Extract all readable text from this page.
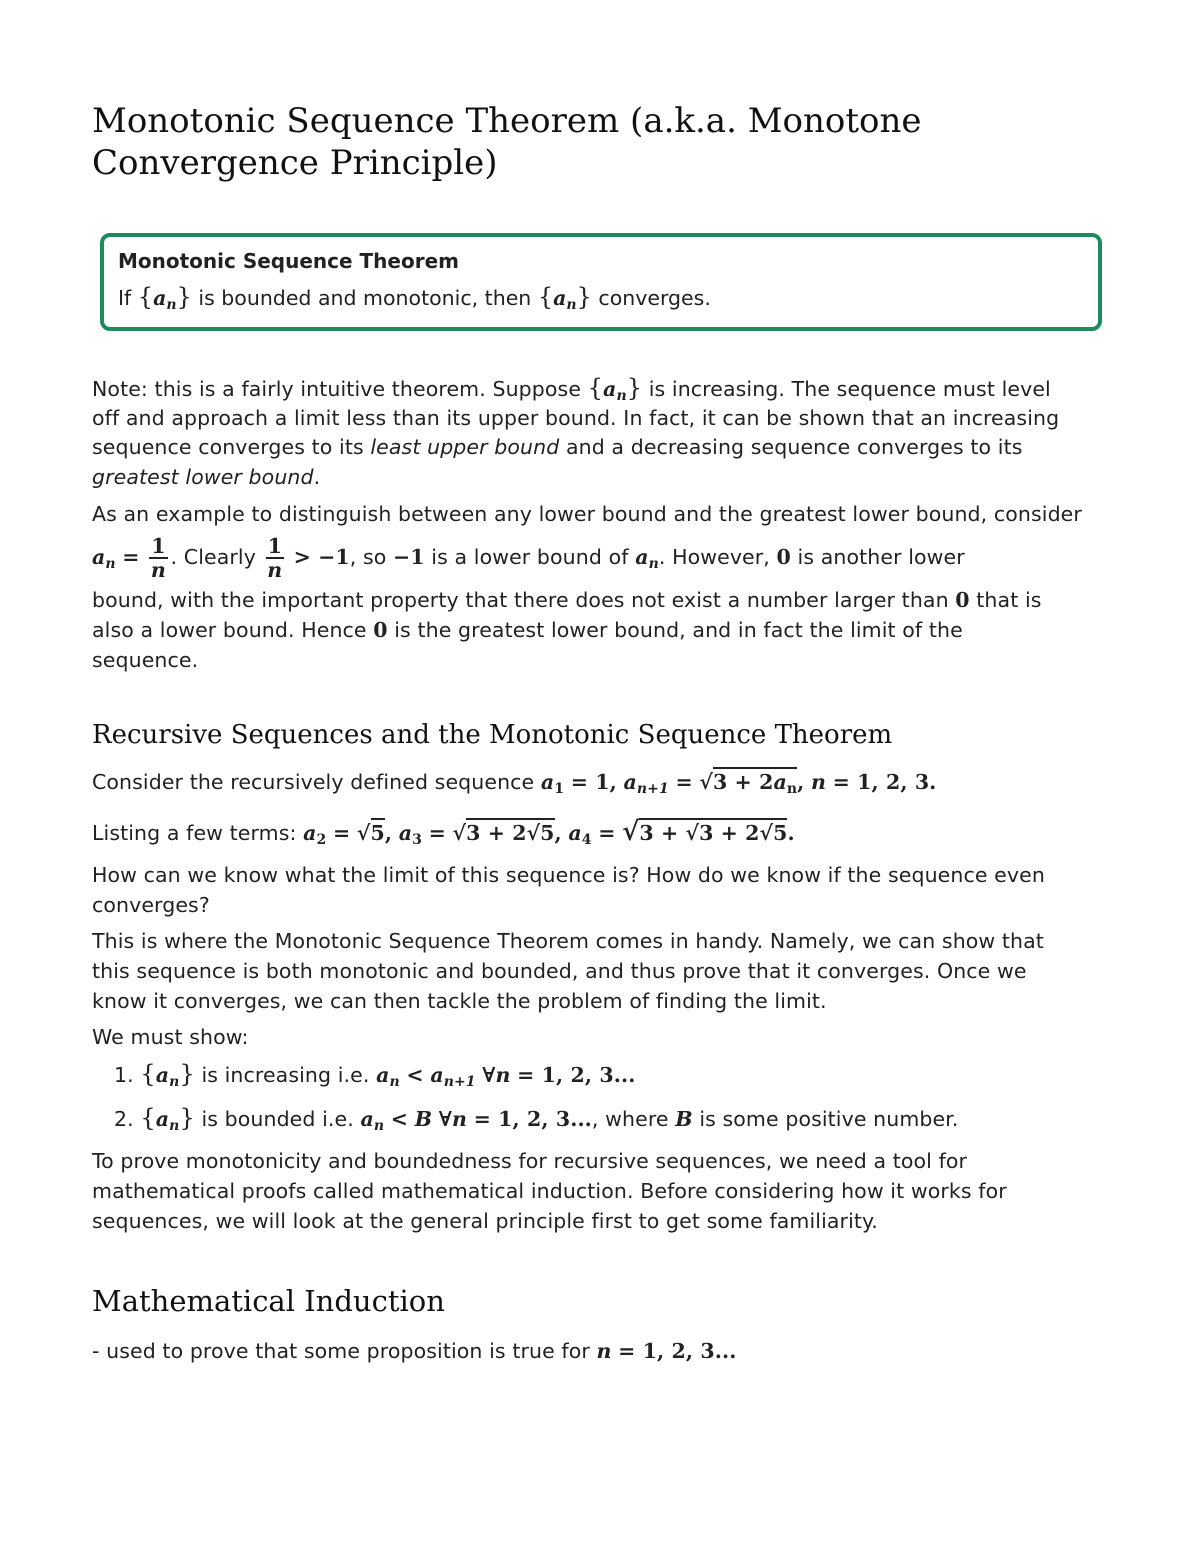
Monotonic Sequence Theorem (a.k.a. Monotone Convergence Principle)
Monotonic Sequence Theorem
If $\{a_n\}$ is bounded and monotonic, then $\{a_n\}$ converges.
Note: this is a fairly intuitive theorem. Suppose $\{a_n\}$ is increasing. The sequence must level
off and approach a limit less than its upper bound. In fact, it can be shown that an increasing
sequence converges to its least upper bound and a decreasing sequence converges to its
greatest lower bound.
As an example to distinguish between any lower bound and the greatest lower bound, consider
$a_n = \frac{1}{n}$ . Clearly $\frac{1}{n} > -1$, so −1 is a lower bound of $a_n$. However, 0 is another lower
bound, with the important property that there does not exist a number larger than 0 that is
also a lower bound. Hence 0 is the greatest lower bound, and in fact the limit of the
sequence.
Recursive Sequences and the Monotonic Sequence Theorem
Consider the recursively defined sequence $a_1 = 1$, $a_{n+1} = √3 + 2a_n$, n = 1, 2, 3.
Listing a few terms: $a_2 = √5$, $a_3 = √3 + 2√5$, $a_4 = √3 + √3 + 2√5$.
How can we know what the limit of this sequence is? How do we know if the sequence even
converges?
This is where the Monotonic Sequence Theorem comes in handy. Namely, we can show that
this sequence is both monotonic and bounded, and thus prove that it converges. Once we
know it converges, we can then tackle the problem of finding the limit.
We must show:
1. $\{a_n\}$ is increasing i.e. $a_n < a_{n+1}$ ∀n = 1, 2, 3...
2. $\{a_n\}$ is bounded i.e. $a_n < B$ ∀n = 1, 2, 3..., where B is some positive number.
To prove monotonicity and boundedness for recursive sequences, we need a tool for
mathematical proofs called mathematical induction. Before considering how it works for
sequences, we will look at the general principle first to get some familiarity.
Mathematical Induction
- used to prove that some proposition is true for n = 1, 2, 3...
